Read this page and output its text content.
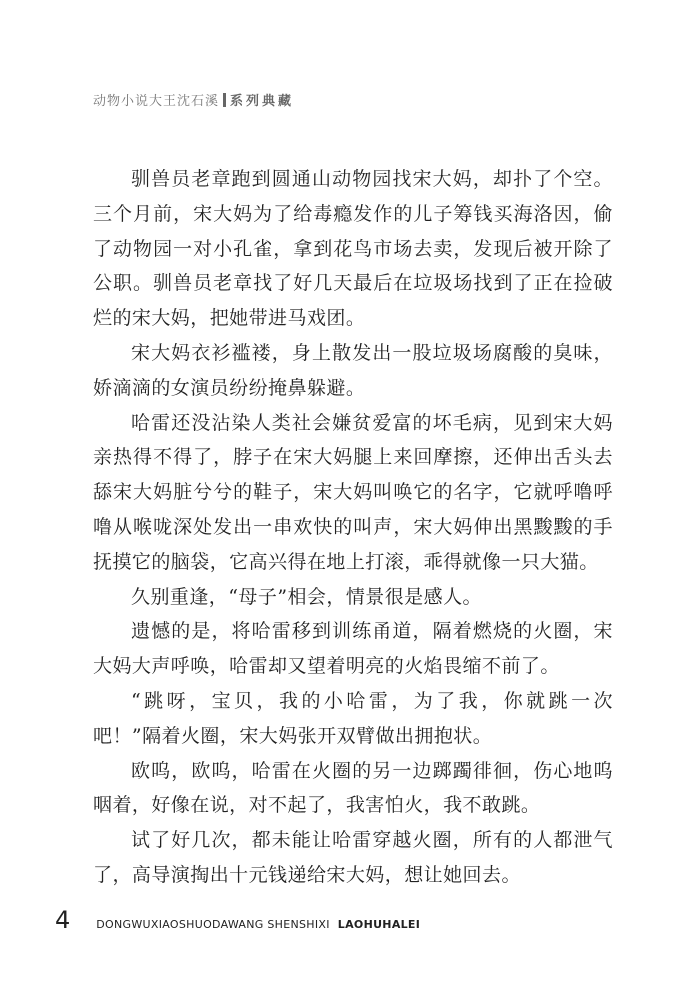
动物小说大王沈石溪 系列典藏

驯兽员老章跑到圆通山动物园找宋大妈，却扑了个空。三个月前，宋大妈为了给毒瘾发作的儿子筹钱买海洛因，偷了动物园一对小孔雀，拿到花鸟市场去卖，发现后被开除了公职。驯兽员老章找了好几天最后在垃圾场找到了正在捡破烂的宋大妈，把她带进马戏团。

宋大妈衣衫褴褛，身上散发出一股垃圾场腐酸的臭味，娇滴滴的女演员纷纷掩鼻躲避。

哈雷还没沾染人类社会嫌贫爱富的坏毛病，见到宋大妈亲热得不得了，脖子在宋大妈腿上来回摩擦，还伸出舌头去舔宋大妈脏兮兮的鞋子，宋大妈叫唤它的名字，它就呼噜呼噜从喉咙深处发出一串欢快的叫声，宋大妈伸出黑黢黢的手抚摸它的脑袋，它高兴得在地上打滚，乖得就像一只大猫。

久别重逢，“母子”相会，情景很是感人。

遗憾的是，将哈雷移到训练甬道，隔着燃烧的火圈，宋大妈大声呼唤，哈雷却又望着明亮的火焰畏缩不前了。

“跳呀，宝贝，我的小哈雷，为了我，你就跳一次吧！”隔着火圈，宋大妈张开双臂做出拥抱状。

欧呜，欧呜，哈雷在火圈的另一边踯躅徘徊，伤心地呜咽着，好像在说，对不起了，我害怕火，我不敢跳。

试了好几次，都未能让哈雷穿越火圈，所有的人都泄气了，高导演掏出十元钱递给宋大妈，想让她回去。

4 DONGWUXIAOSHUODAWANG SHENSHIXI LAOHUHALEI
